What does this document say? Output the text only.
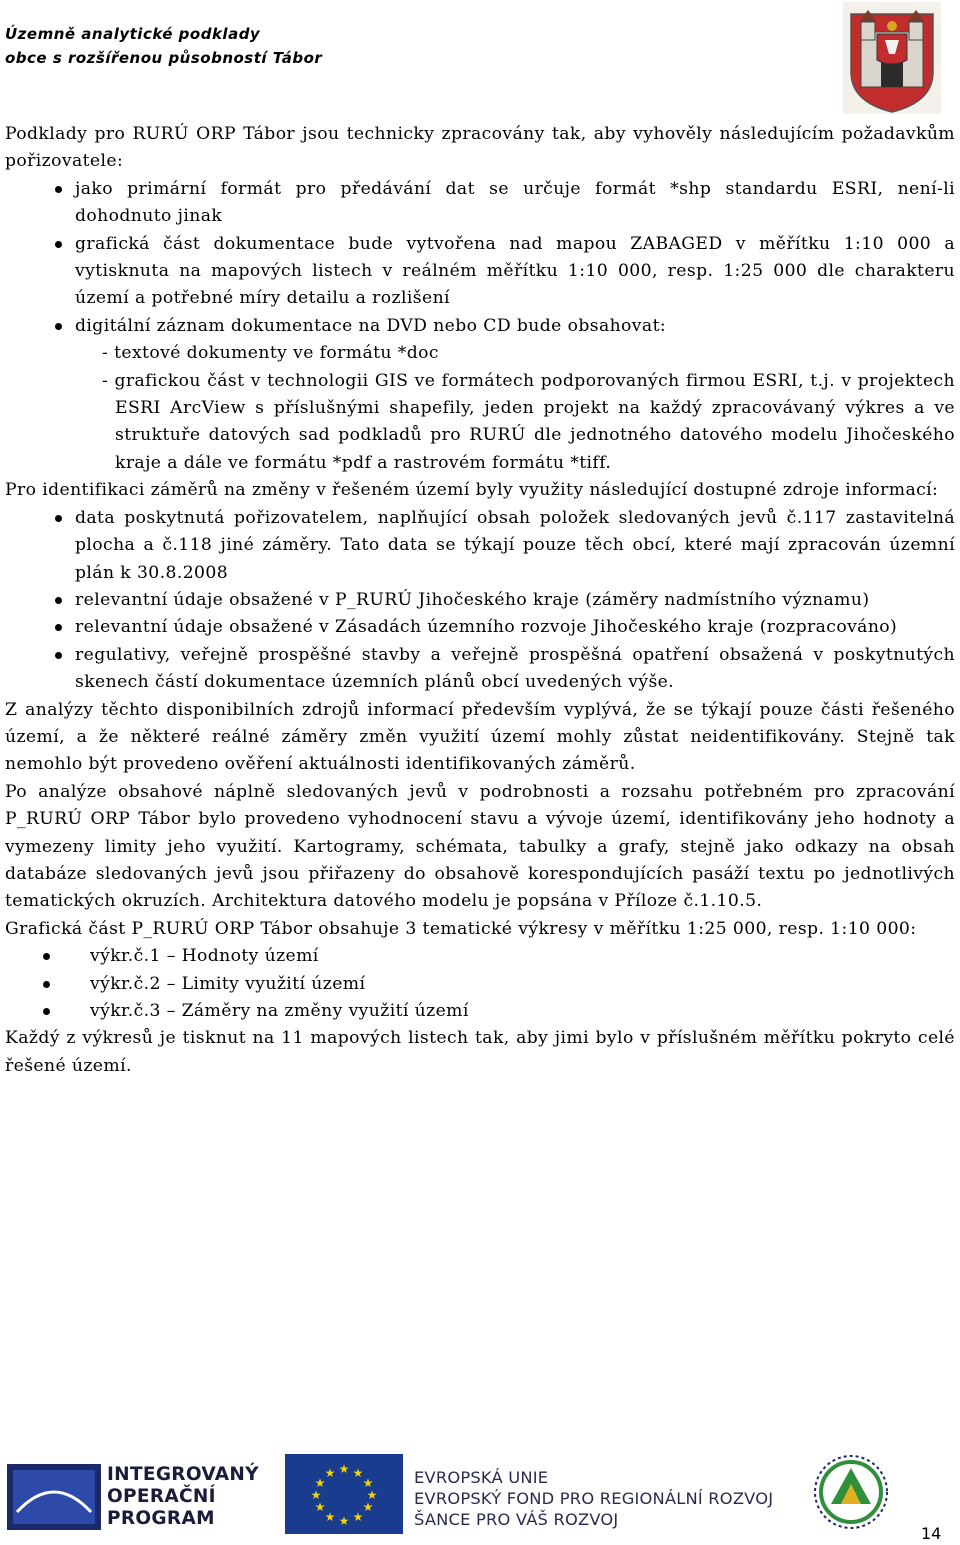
Územně analytické podklady
obce s rozšířenou působností Tábor

Podklady pro RURÚ ORP Tábor jsou technicky zpracovány tak, aby vyhověly následujícím požadavkům pořizovatele:

jako primární formát pro předávání dat se určuje formát *shp standardu ESRI, není-li dohodnuto jinak
grafická část dokumentace bude vytvořena nad mapou ZABAGED v měřítku 1:10 000 a vytisknuta na mapových listech v reálném měřítku 1:10 000, resp. 1:25 000 dle charakteru území a potřebné míry detailu a rozlišení
digitální záznam dokumentace na DVD nebo CD bude obsahovat:
- textové dokumenty ve formátu *doc
- grafickou část v technologii GIS ve formátech podporovaných firmou ESRI, t.j. v projektech ESRI ArcView s příslušnými shapefily, jeden projekt na každý zpracovávaný výkres a ve struktuře datových sad podkladů pro RURÚ dle jednotného datového modelu Jihočeského kraje a dále ve formátu *pdf a rastrovém formátu *tiff.

Pro identifikaci záměrů na změny v řešeném území byly využity následující dostupné zdroje informací:

data poskytnutá pořizovatelem, naplňující obsah položek sledovaných jevů č.117 zastavitelná plocha a č.118 jiné záměry. Tato data se týkají pouze těch obcí, které mají zpracován územní plán k 30.8.2008
relevantní údaje obsažené v P_RURÚ Jihočeského kraje (záměry nadmístního významu)
relevantní údaje obsažené v Zásadách územního rozvoje Jihočeského kraje (rozpracováno)
regulativy, veřejně prospěšné stavby a veřejně prospěšná opatření obsažená v poskytnutých skenech částí dokumentace územních plánů obcí uvedených výše.

Z analýzy těchto disponibilních zdrojů informací především vyplývá, že se týkají pouze části řešeného území, a že některé reálné záměry změn využití území mohly zůstat neidentifikovány. Stejně tak nemohlo být provedeno ověření aktuálnosti identifikovaných záměrů.

Po analýze obsahové náplně sledovaných jevů v podrobnosti a rozsahu potřebném pro zpracování P_RURÚ ORP Tábor bylo provedeno vyhodnocení stavu a vývoje území, identifikovány jeho hodnoty a vymezeny limity jeho využití. Kartogramy, schémata, tabulky a grafy, stejně jako odkazy na obsah databáze sledovaných jevů jsou přiřazeny do obsahově korespondujících pasáží textu po jednotlivých tematických okruzích. Architektura datového modelu je popsána v Příloze č.1.10.5.

Grafická část P_RURÚ ORP Tábor obsahuje 3 tematické výkresy v měřítku 1:25 000, resp. 1:10 000:

výkr.č.1 – Hodnoty území
výkr.č.2 – Limity využití území
výkr.č.3 – Záměry na změny využití území

Každý z výkresů je tisknut na 11 mapových listech tak, aby jimi bylo v příslušném měřítku pokryto celé řešené území.

INTEGROVANÝ
OPERAČNÍ
PROGRAM
★ ★
★
★
★
★
★
★
★
★
★
★	EVROPSKÁ UNIE
EVROPSKÝ FOND PRO REGIONÁLNÍ ROZVOJ
ŠANCE PRO VÁŠ ROZVOJ
14
